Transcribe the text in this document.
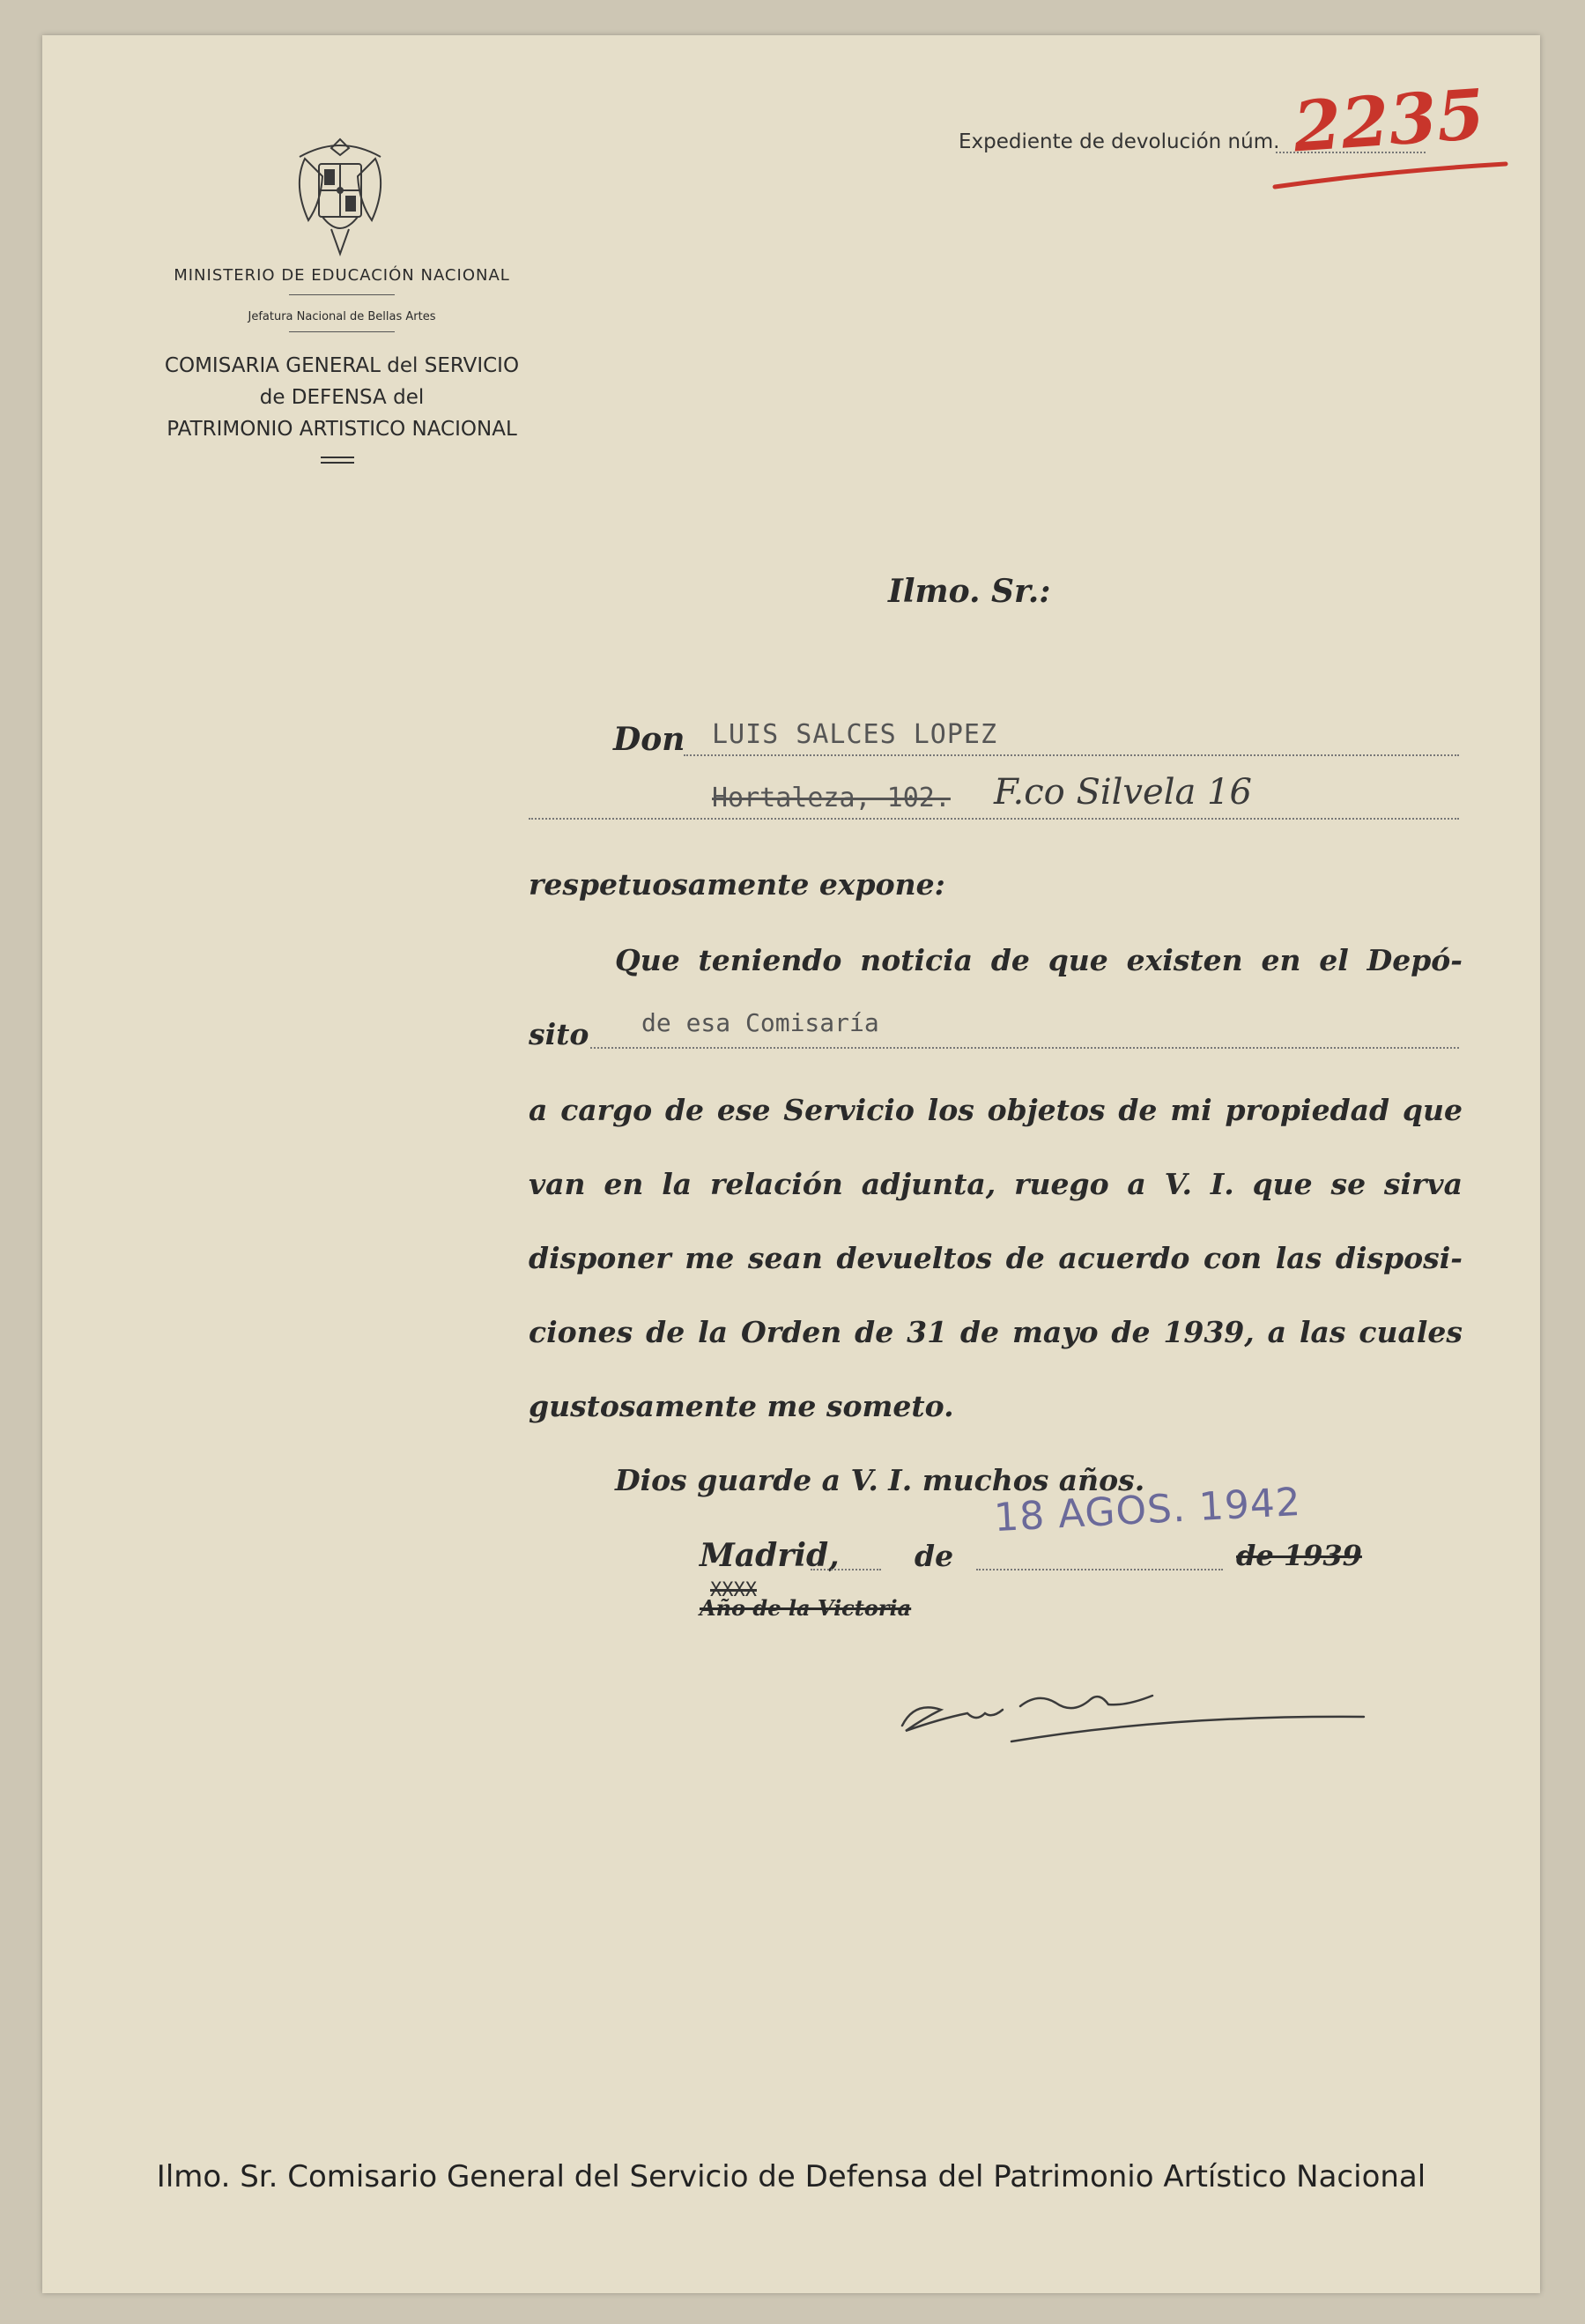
MINISTERIO DE EDUCACIÓN NACIONAL
Jefatura Nacional de Bellas Artes
COMISARIA GENERAL del SERVICIO
de DEFENSA del
PATRIMONIO ARTISTICO NACIONAL
Expediente de devolución núm. 2235
Ilmo. Sr.:
Don LUIS SALCES LOPEZ
Hortaleza, 102. F.co Silvela 16
respetuosamente expone:
Que teniendo noticia de que existen en el Depó-
sito de esa Comisaría
a cargo de ese Servicio los objetos de mi propiedad que
van en la relación adjunta, ruego a V. I. que se sirva
disponer me sean devueltos de acuerdo con las disposi-
ciones de la Orden de 31 de mayo de 1939, a las cuales
gustosamente me someto.
Dios guarde a V. I. muchos años.
18 AGOS. 1942
Madrid,	de	de 1939
XXXX
Año de la Victoria
Ilmo. Sr. Comisario General del Servicio de Defensa del Patrimonio Artístico Nacional
